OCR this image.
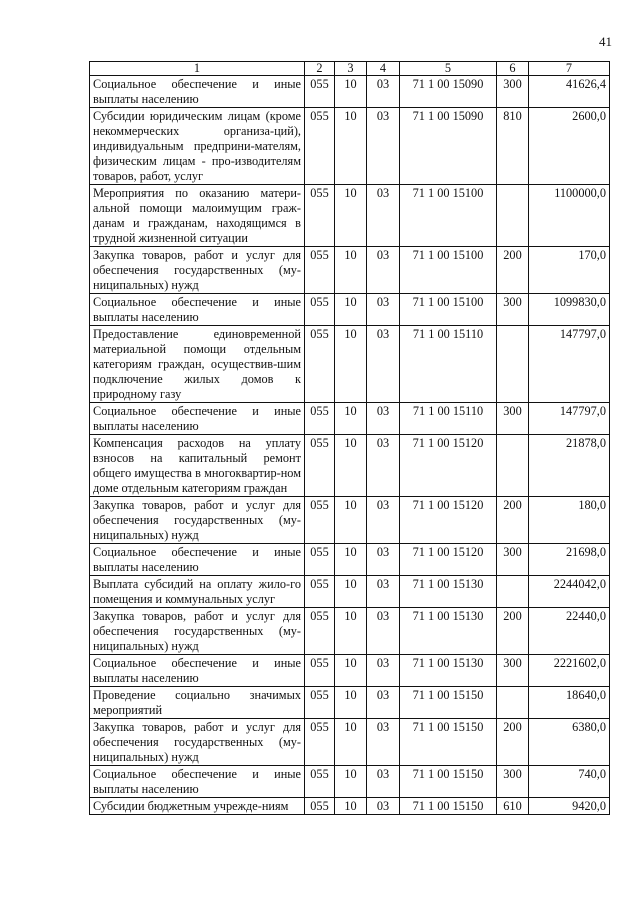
41
1	2	3	4	5	6	7
Социальное обеспечение и иные выплаты населению	055	10	03	71 1 00 15090	300	41626,4
Субсидии юридическим лицам (кроме некоммерческих организа-ций), индивидуальным предприни-мателям, физическим лицам - про-изводителям товаров, работ, услуг	055	10	03	71 1 00 15090	810	2600,0
Мероприятия по оказанию матери-альной помощи малоимущим граж-данам и гражданам, находящимся в трудной жизненной ситуации	055	10	03	71 1 00 15100		1100000,0
Закупка товаров, работ и услуг для обеспечения государственных (му-ниципальных) нужд	055	10	03	71 1 00 15100	200	170,0
Социальное обеспечение и иные выплаты населению	055	10	03	71 1 00 15100	300	1099830,0
Предоставление единовременной материальной помощи отдельным категориям граждан, осуществив-шим подключение жилых домов к природному газу	055	10	03	71 1 00 15110		147797,0
Социальное обеспечение и иные выплаты населению	055	10	03	71 1 00 15110	300	147797,0
Компенсация расходов на уплату взносов на капитальный ремонт общего имущества в многоквартир-ном доме отдельным категориям граждан	055	10	03	71 1 00 15120		21878,0
Закупка товаров, работ и услуг для обеспечения государственных (му-ниципальных) нужд	055	10	03	71 1 00 15120	200	180,0
Социальное обеспечение и иные выплаты населению	055	10	03	71 1 00 15120	300	21698,0
Выплата субсидий на оплату жило-го помещения и коммунальных услуг	055	10	03	71 1 00 15130		2244042,0
Закупка товаров, работ и услуг для обеспечения государственных (му-ниципальных) нужд	055	10	03	71 1 00 15130	200	22440,0
Социальное обеспечение и иные выплаты населению	055	10	03	71 1 00 15130	300	2221602,0
Проведение социально значимых мероприятий	055	10	03	71 1 00 15150		18640,0
Закупка товаров, работ и услуг для обеспечения государственных (му-ниципальных) нужд	055	10	03	71 1 00 15150	200	6380,0
Социальное обеспечение и иные выплаты населению	055	10	03	71 1 00 15150	300	740,0
Субсидии бюджетным учрежде-ниям	055	10	03	71 1 00 15150	610	9420,0
